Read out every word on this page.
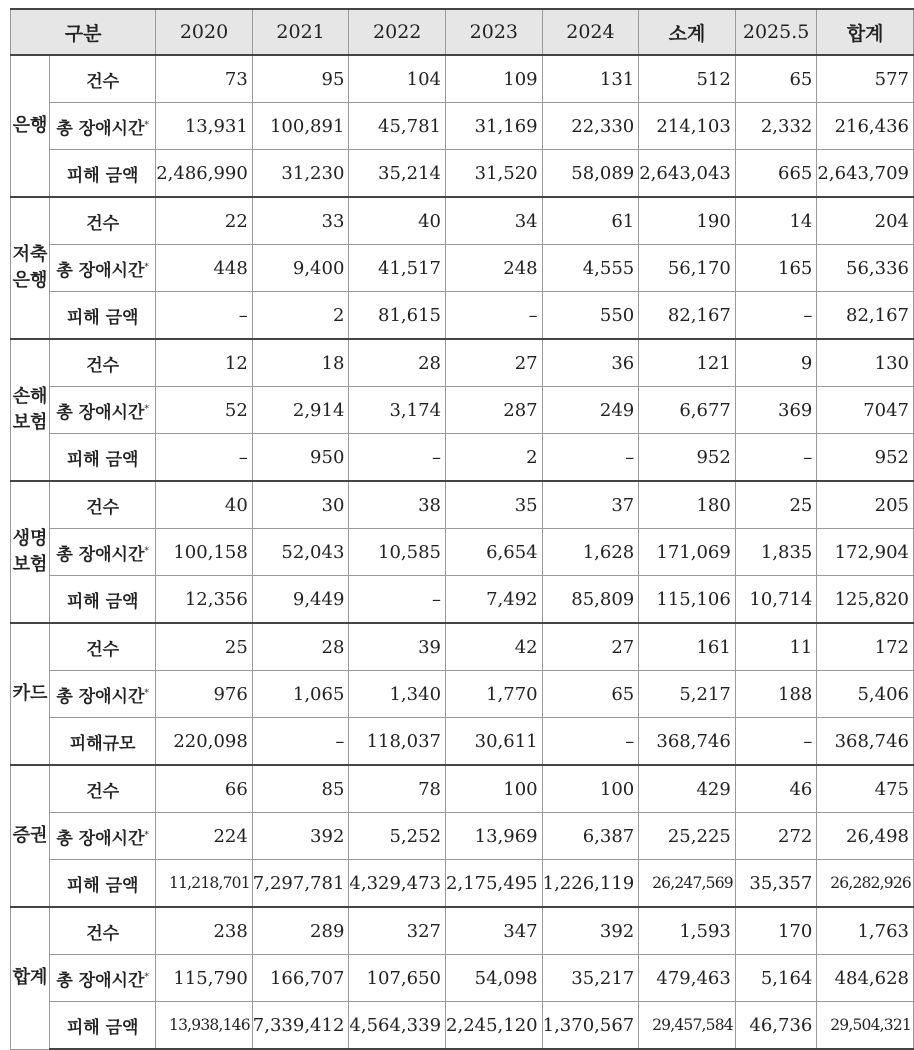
구분		2020	2021	2022	2023	2024	소계	2025.5	합계
은행	건수	73	95	104	109	131	512	65	577
	총 장애시간*	13,931	100,891	45,781	31,169	22,330	214,103	2,332	216,436
	피해 금액	2,486,990	31,230	35,214	31,520	58,089	2,643,043	665	2,643,709
저축
은행	건수	22	33	40	34	61	190	14	204
	총 장애시간*	448	9,400	41,517	248	4,555	56,170	165	56,336
	피해 금액	–	2	81,615	–	550	82,167	–	82,167
손해
보험	건수	12	18	28	27	36	121	9	130
	총 장애시간*	52	2,914	3,174	287	249	6,677	369	7047
	피해 금액	–	950	–	2	–	952	–	952
생명
보험	건수	40	30	38	35	37	180	25	205
	총 장애시간*	100,158	52,043	10,585	6,654	1,628	171,069	1,835	172,904
	피해 금액	12,356	9,449	–	7,492	85,809	115,106	10,714	125,820
카드	건수	25	28	39	42	27	161	11	172
	총 장애시간*	976	1,065	1,340	1,770	65	5,217	188	5,406
	피해규모	220,098	–	118,037	30,611	–	368,746	–	368,746
증권	건수	66	85	78	100	100	429	46	475
	총 장애시간*	224	392	5,252	13,969	6,387	25,225	272	26,498
	피해 금액	11,218,701	7,297,781	4,329,473	2,175,495	1,226,119	26,247,569	35,357	26,282,926
합계	건수	238	289	327	347	392	1,593	170	1,763
	총 장애시간*	115,790	166,707	107,650	54,098	35,217	479,463	5,164	484,628
	피해 금액	13,938,146	7,339,412	4,564,339	2,245,120	1,370,567	29,457,584	46,736	29,504,321
